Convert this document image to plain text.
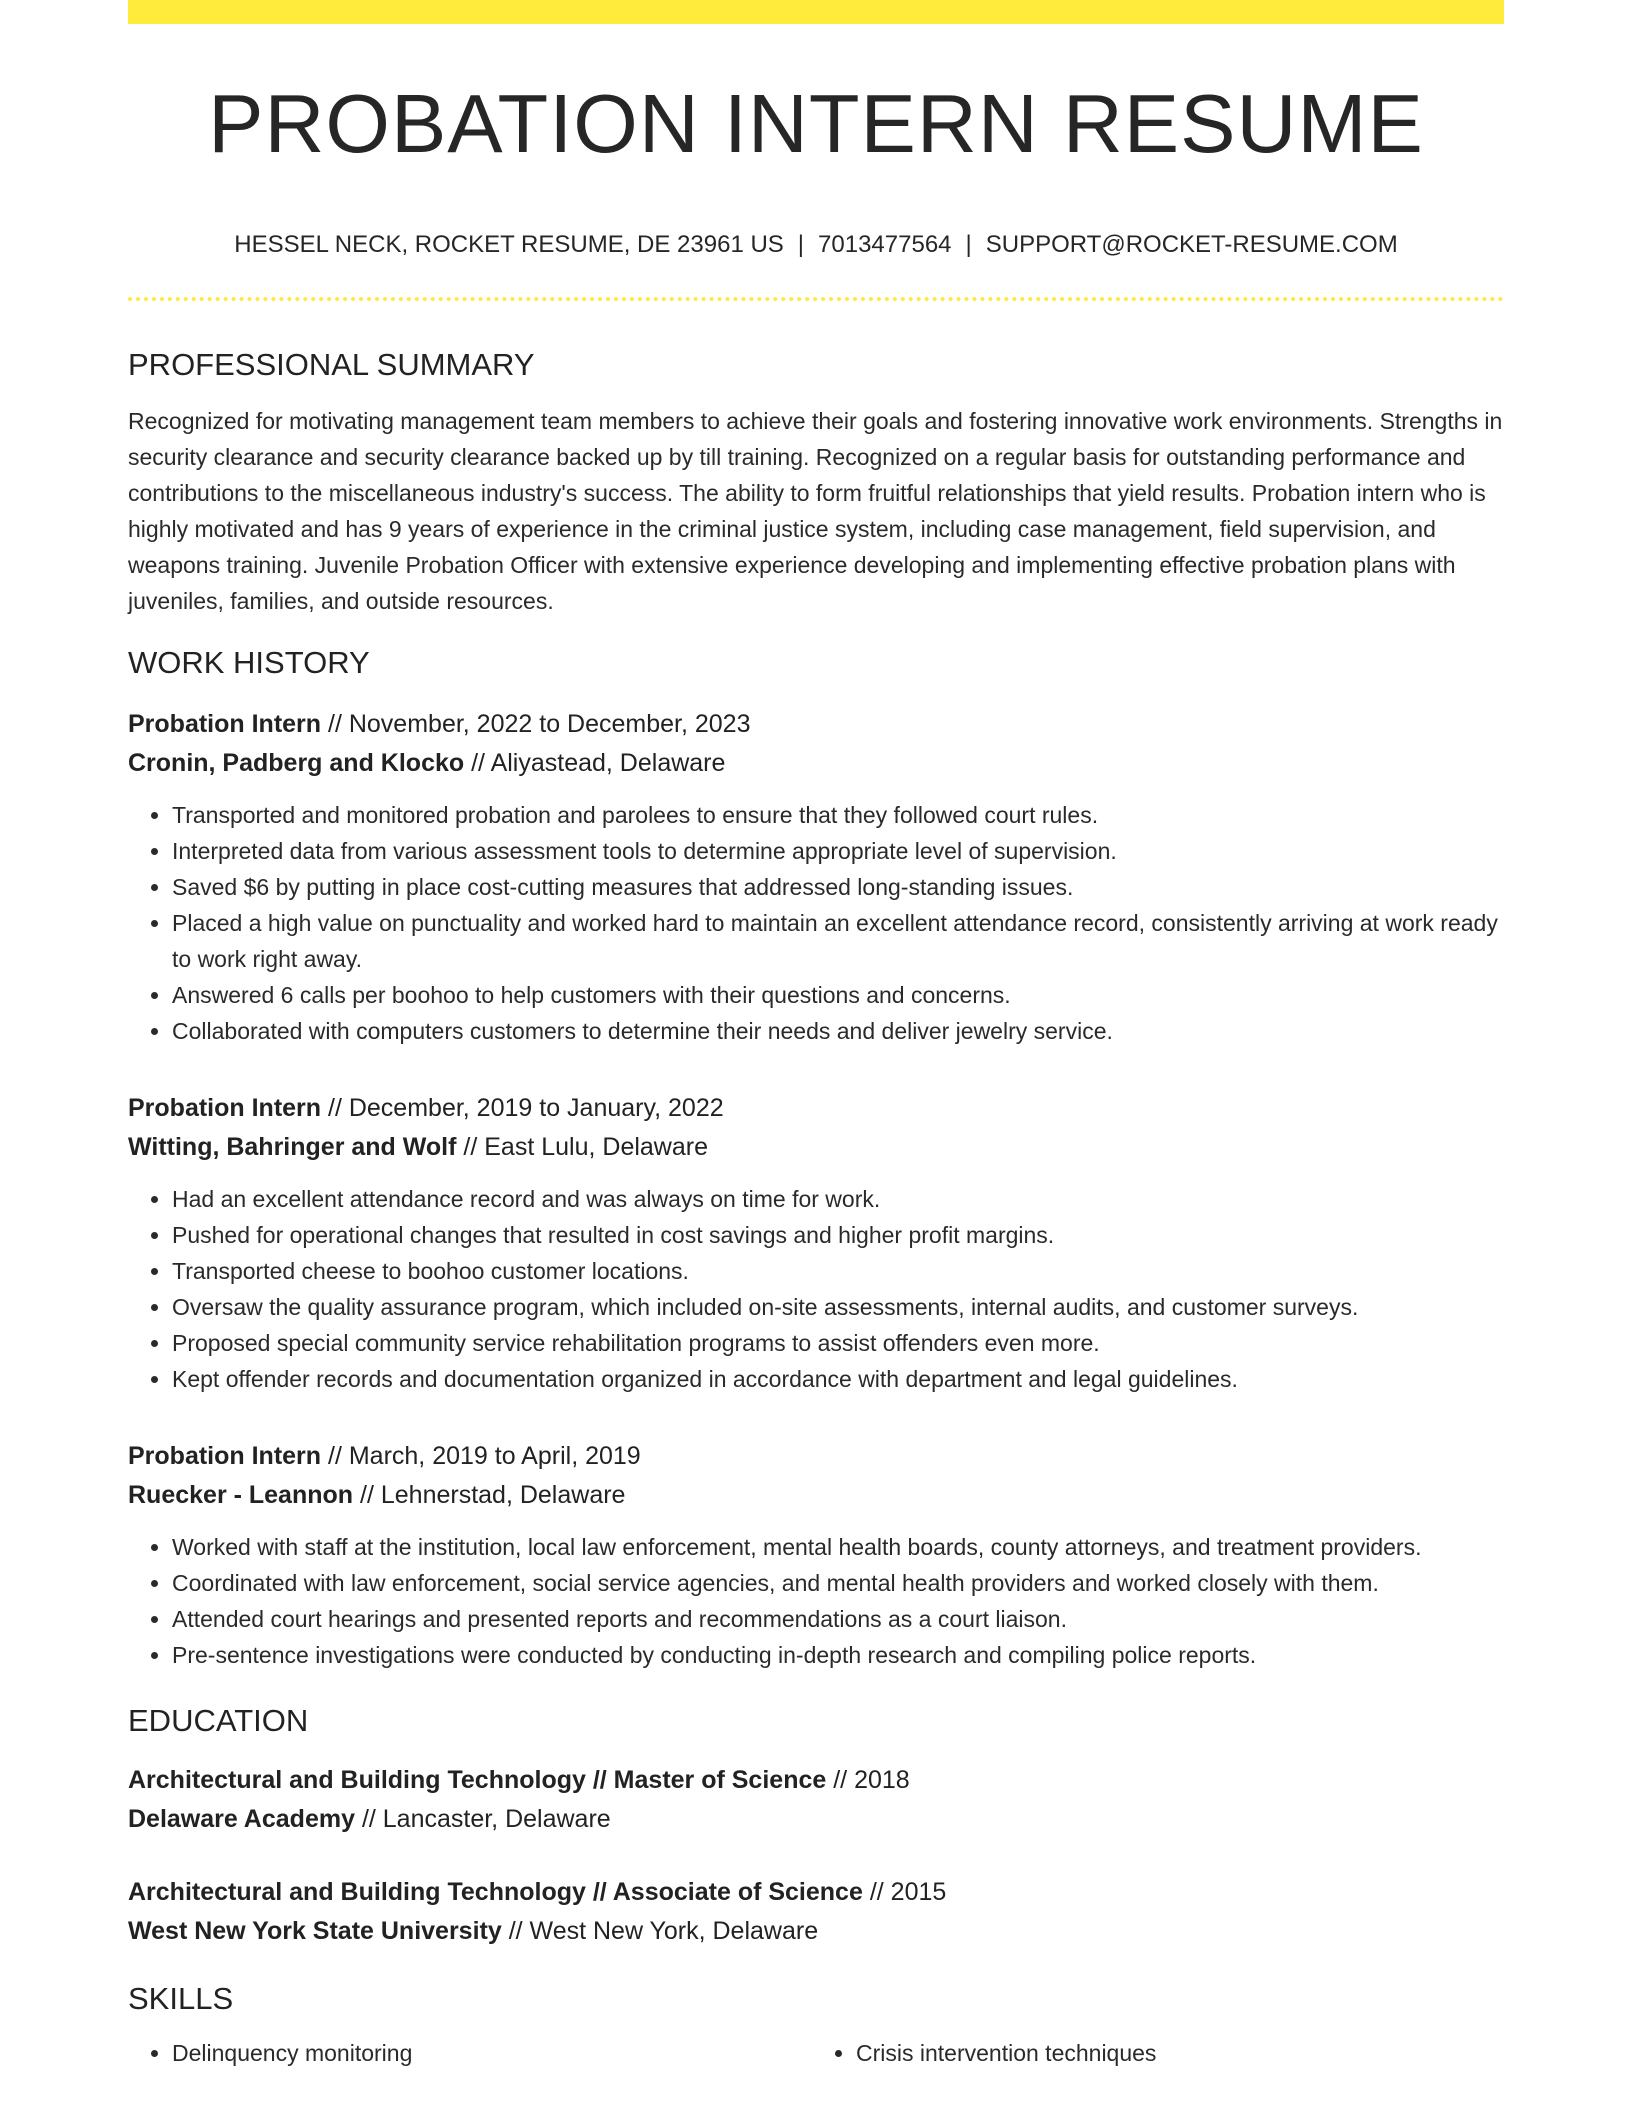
PROBATION INTERN RESUME
HESSEL NECK, ROCKET RESUME, DE 23961 US | 7013477564 | SUPPORT@ROCKET-RESUME.COM
PROFESSIONAL SUMMARY

Recognized for motivating management team members to achieve their goals and fostering innovative work environments. Strengths in security clearance and security clearance backed up by till training. Recognized on a regular basis for outstanding performance and contributions to the miscellaneous industry's success. The ability to form fruitful relationships that yield results. Probation intern who is highly motivated and has 9 years of experience in the criminal justice system, including case management, field supervision, and weapons training. Juvenile Probation Officer with extensive experience developing and implementing effective probation plans with juveniles, families, and outside resources.

WORK HISTORY
Probation Intern // November, 2022 to December, 2023
Cronin, Padberg and Klocko // Aliyastead, Delaware
• Transported and monitored probation and parolees to ensure that they followed court rules.
• Interpreted data from various assessment tools to determine appropriate level of supervision.
• Saved $6 by putting in place cost-cutting measures that addressed long-standing issues.
• Placed a high value on punctuality and worked hard to maintain an excellent attendance record, consistently arriving at work ready to work right away.
• Answered 6 calls per boohoo to help customers with their questions and concerns.
• Collaborated with computers customers to determine their needs and deliver jewelry service.
Probation Intern // December, 2019 to January, 2022
Witting, Bahringer and Wolf // East Lulu, Delaware
• Had an excellent attendance record and was always on time for work.
• Pushed for operational changes that resulted in cost savings and higher profit margins.
• Transported cheese to boohoo customer locations.
• Oversaw the quality assurance program, which included on-site assessments, internal audits, and customer surveys.
• Proposed special community service rehabilitation programs to assist offenders even more.
• Kept offender records and documentation organized in accordance with department and legal guidelines.
Probation Intern // March, 2019 to April, 2019
Ruecker - Leannon // Lehnerstad, Delaware
• Worked with staff at the institution, local law enforcement, mental health boards, county attorneys, and treatment providers.
• Coordinated with law enforcement, social service agencies, and mental health providers and worked closely with them.
• Attended court hearings and presented reports and recommendations as a court liaison.
• Pre-sentence investigations were conducted by conducting in-depth research and compiling police reports.
EDUCATION
Architectural and Building Technology // Master of Science // 2018
Delaware Academy // Lancaster, Delaware
Architectural and Building Technology // Associate of Science // 2015
West New York State University // West New York, Delaware
SKILLS
• Delinquency monitoring
•	Crisis intervention techniques
